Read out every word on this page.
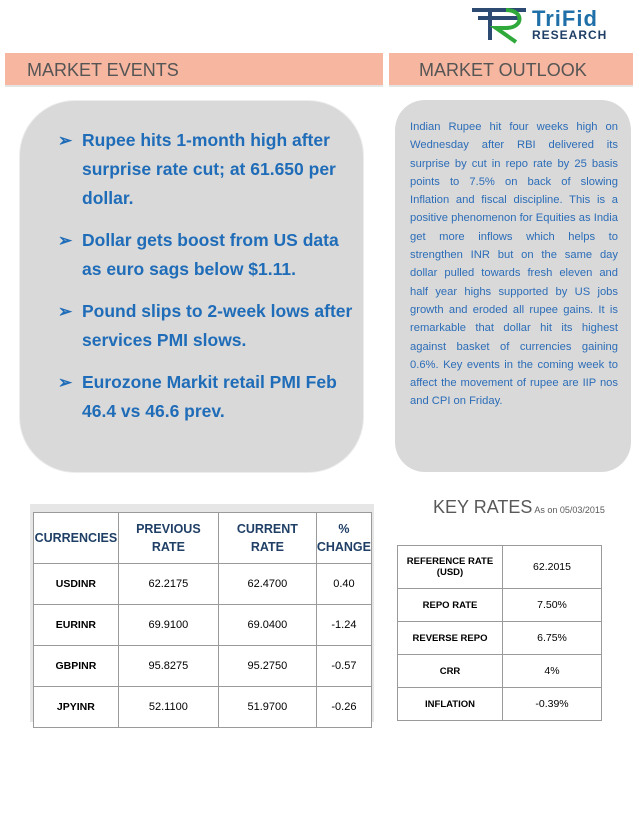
TriFid
RESEARCH
MARKET EVENTS	MARKET OUTLOOK
➢ Rupee hits 1-month high after surprise rate cut; at 61.650 per dollar.
➢ Dollar gets boost from US data as euro sags below $1.11.
➢ Pound slips to 2-week lows after services PMI slows.
➢ Eurozone Markit retail PMI Feb 46.4 vs 46.6 prev.

Indian Rupee hit four weeks high on Wednesday after RBI delivered its surprise by cut in repo rate by 25 basis points to 7.5% on back of slowing Inflation and fiscal discipline. This is a positive phenomenon for Equities as India get more inflows which helps to strengthen INR but on the same day dollar pulled towards fresh eleven and half year highs supported by US jobs growth and eroded all rupee gains. It is remarkable that dollar hit its highest against basket of currencies gaining 0.6%. Key events in the coming week to affect the movement of rupee are IIP nos and CPI on Friday.

KEY RATES As on 05/03/2015
CURRENCIES	PREVIOUS RATE	CURRENT RATE	% CHANGE
USDINR	62.2175	62.4700	0.40
EURINR	69.9100	69.0400	-1.24
GBPINR	95.8275	95.2750	-0.57
JPYINR	52.1100	51.9700	-0.26
REFERENCE RATE (USD)	62.2015
REPO RATE	7.50%
REVERSE REPO	6.75%
CRR	4%
INFLATION	-0.39%
